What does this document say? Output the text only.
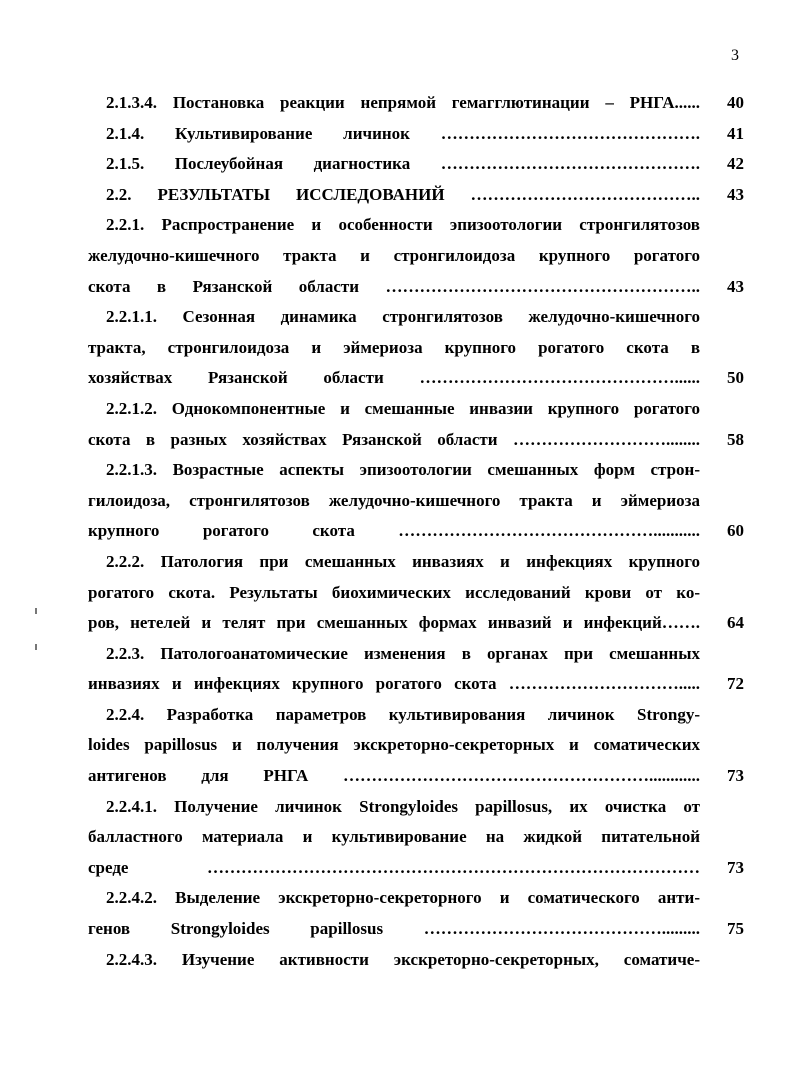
3
2.1.3.4. Постановка реакции непрямой гемагглютинации – РНГА......	40
2.1.4. Культивирование личинок ……………………………………….	41
2.1.5. Послеубойная диагностика ……………………………………….	42
2.2. РЕЗУЛЬТАТЫ ИССЛЕДОВАНИЙ …………………………………..	43
2.2.1. Распространение и особенности эпизоотологии стронгилятозов
желудочно-кишечного тракта и стронгилоидоза крупного рогатого
скота в Рязанской области ………………………………………………..	43
2.2.1.1. Сезонная динамика стронгилятозов желудочно-кишечного
тракта, стронгилоидоза и эймериоза крупного рогатого скота в
хозяйствах Рязанской области ………………………………………......	50
2.2.1.2. Однокомпонентные и смешанные инвазии крупного рогатого
скота в разных хозяйствах Рязанской области ………………………........	58
2.2.1.3. Возрастные аспекты эпизоотологии смешанных форм строн-
гилоидоза, стронгилятозов желудочно-кишечного тракта и эймериоза
крупного рогатого скота ………………………………………...........	60
2.2.2. Патология при смешанных инвазиях и инфекциях крупного
рогатого скота. Результаты биохимических исследований крови от ко-
ров, нетелей и телят при смешанных формах инвазий и инфекций…….	64
2.2.3. Патологоанатомические изменения в органах при смешанных
инвазиях и инфекциях крупного рогатого скота ………………………….....	72
2.2.4. Разработка параметров культивирования личинок Strongy-
loides papillosus и получения экскреторно-секреторных и соматических
антигенов для РНГА ………………………………………………............	73
2.2.4.1. Получение личинок Strongyloides papillosus, их очистка от
балластного материала и культивирование на жидкой питательной
среде ……………………………………………………………………………	73
2.2.4.2. Выделение экскреторно-секреторного и соматического анти-
генов Strongyloides papillosus …………………………………….........	75
2.2.4.3. Изучение активности экскреторно-секреторных, соматиче-
